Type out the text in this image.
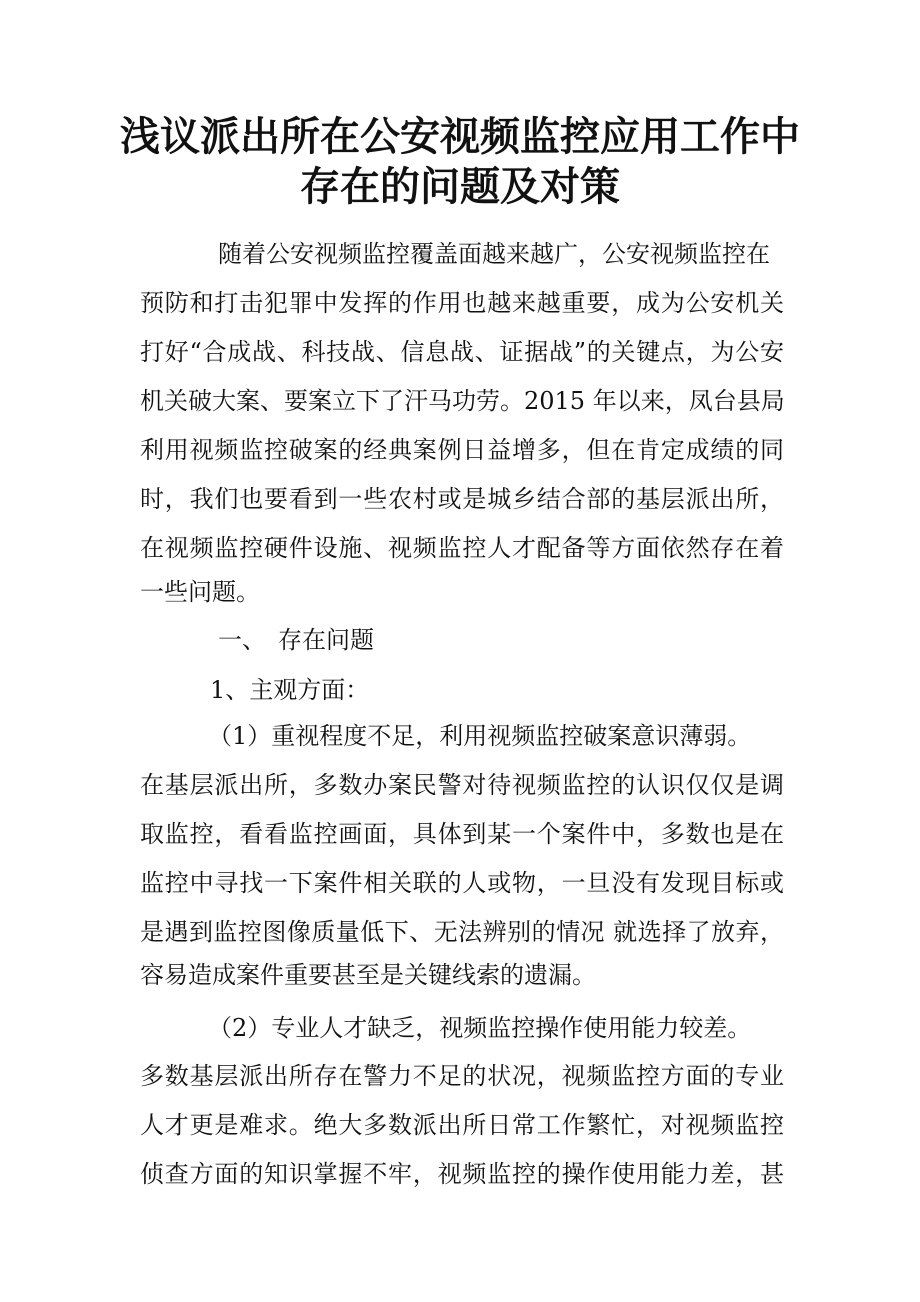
浅议派出所在公安视频监控应用工作中
存在的问题及对策

随着公安视频监控覆盖面越来越广，公安视频监控在

预防和打击犯罪中发挥的作用也越来越重要，成为公安机关

打好“合成战、科技战、信息战、证据战”的关键点，为公安

机关破大案、要案立下了汗马功劳。2015 年以来，凤台县局

利用视频监控破案的经典案例日益增多，但在肯定成绩的同

时，我们也要看到一些农村或是城乡结合部的基层派出所，

在视频监控硬件设施、视频监控人才配备等方面依然存在着

一些问题。

一、　存在问题

1、主观方面：

（1）重视程度不足，利用视频监控破案意识薄弱。

在基层派出所，多数办案民警对待视频监控的认识仅仅是调

取监控，看看监控画面，具体到某一个案件中，多数也是在

监控中寻找一下案件相关联的人或物，一旦没有发现目标或

是遇到监控图像质量低下、无法辨别的情况 就选择了放弃，

容易造成案件重要甚至是关键线索的遗漏。

（2）专业人才缺乏，视频监控操作使用能力较差。

多数基层派出所存在警力不足的状况，视频监控方面的专业

人才更是难求。绝大多数派出所日常工作繁忙，对视频监控

侦查方面的知识掌握不牢，视频监控的操作使用能力差，甚
